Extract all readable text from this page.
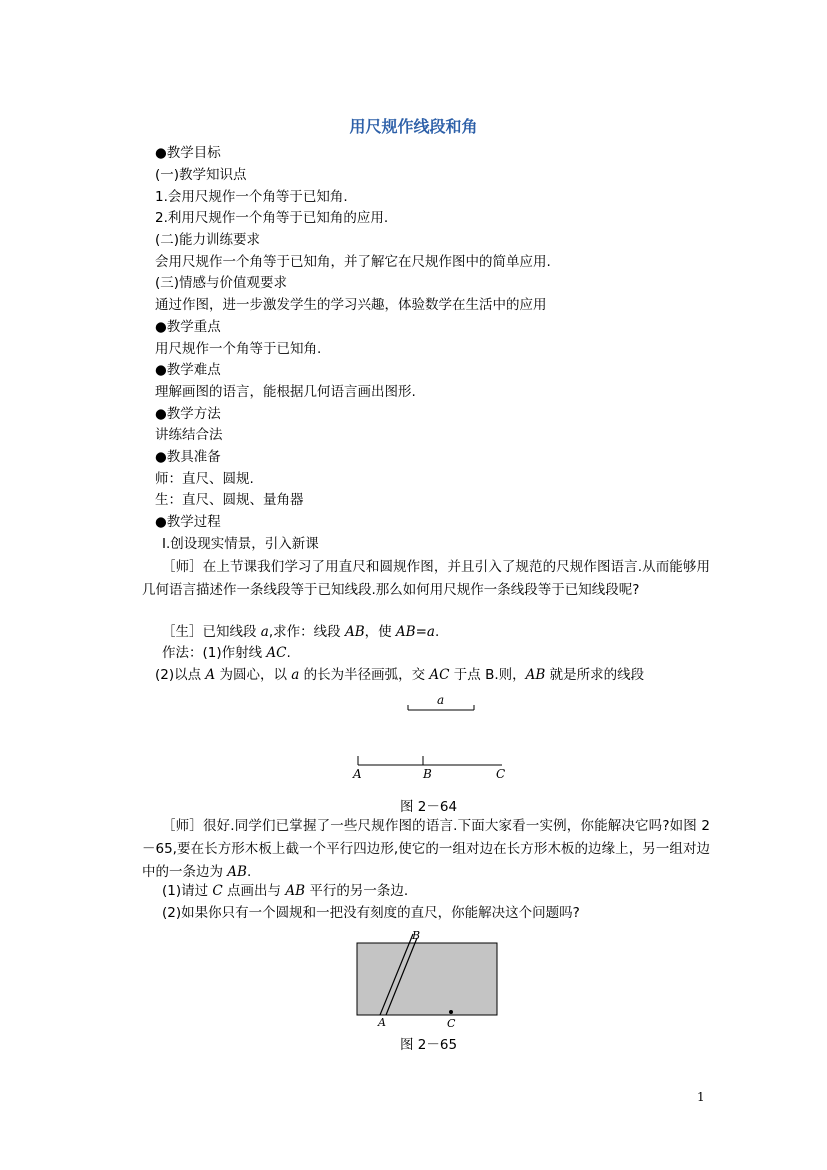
用尺规作线段和角
●教学目标
(一)教学知识点
1.会用尺规作一个角等于已知角.
2.利用尺规作一个角等于已知角的应用.
(二)能力训练要求
会用尺规作一个角等于已知角，并了解它在尺规作图中的简单应用.
(三)情感与价值观要求
通过作图，进一步激发学生的学习兴趣，体验数学在生活中的应用
●教学重点
用尺规作一个角等于已知角.
●教学难点
理解画图的语言，能根据几何语言画出图形.
●教学方法
讲练结合法
●教具准备
师：直尺、圆规.
生：直尺、圆规、量角器
●教学过程
Ⅰ.创设现实情景，引入新课
［师］在上节课我们学习了用直尺和圆规作图，并且引入了规范的尺规作图语言.从而能够用几何语言描述作一条线段等于已知线段.那么如何用尺规作一条线段等于已知线段呢?
［生］已知线段 a,求作：线段 AB，使 AB=a.
作法：(1)作射线 AC.
(2)以点 A 为圆心，以 a 的长为半径画弧，交 AC 于点 B.则，AB 就是所求的线段
a
A	B	C
图 2－64
［师］很好.同学们已掌握了一些尺规作图的语言.下面大家看一实例，你能解决它吗?如图 2－65,要在长方形木板上截一个平行四边形,使它的一组对边在长方形木板的边缘上，另一组对边中的一条边为 AB.
(1)请过 C 点画出与 AB 平行的另一条边.
(2)如果你只有一个圆规和一把没有刻度的直尺，你能解决这个问题吗?
A
B
C
图 2－65
1
